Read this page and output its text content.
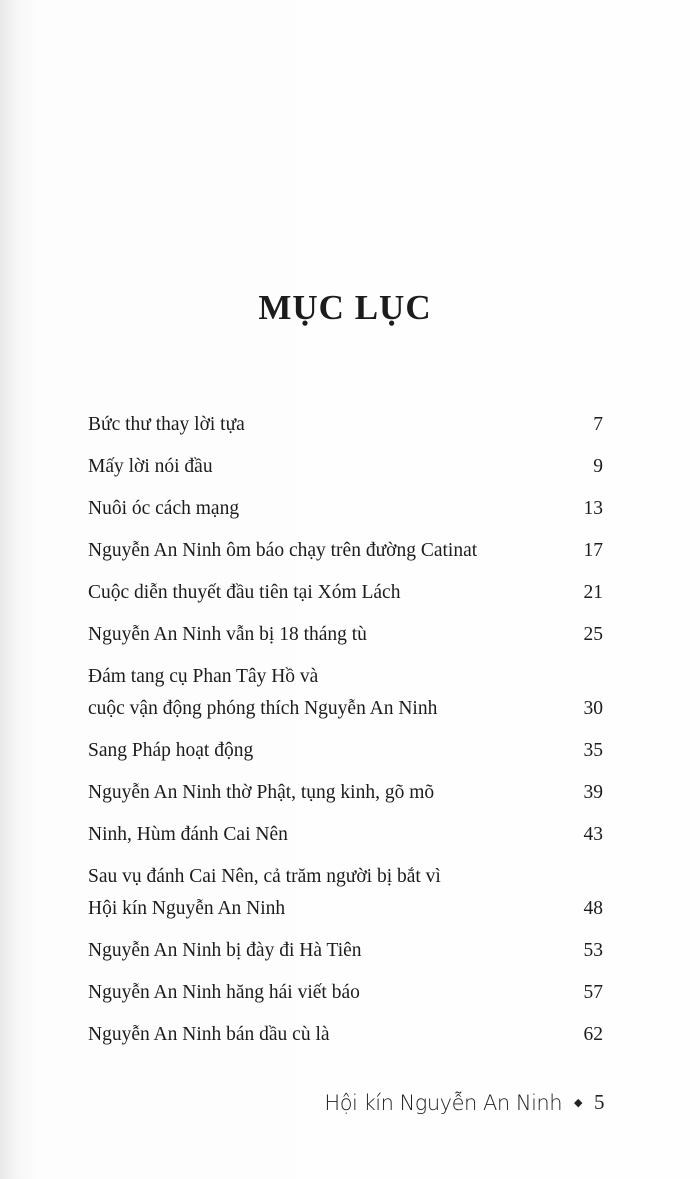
MỤC LỤC
Bức thư thay lời tựa	7
Mấy lời nói đầu	9
Nuôi óc cách mạng	13
Nguyễn An Ninh ôm báo chạy trên đường Catinat	17
Cuộc diễn thuyết đầu tiên tại Xóm Lách	21
Nguyễn An Ninh vẫn bị 18 tháng tù	25
Đám tang cụ Phan Tây Hồ và
cuộc vận động phóng thích Nguyễn An Ninh	30
Sang Pháp hoạt động	35
Nguyễn An Ninh thờ Phật, tụng kinh, gõ mõ	39
Ninh, Hùm đánh Cai Nên	43
Sau vụ đánh Cai Nên, cả trăm người bị bắt vì
Hội kín Nguyễn An Ninh	48
Nguyễn An Ninh bị đày đi Hà Tiên	53
Nguyễn An Ninh hăng hái viết báo	57
Nguyễn An Ninh bán dầu cù là	62
Hội kín Nguyễn An Ninh ◆ 5
